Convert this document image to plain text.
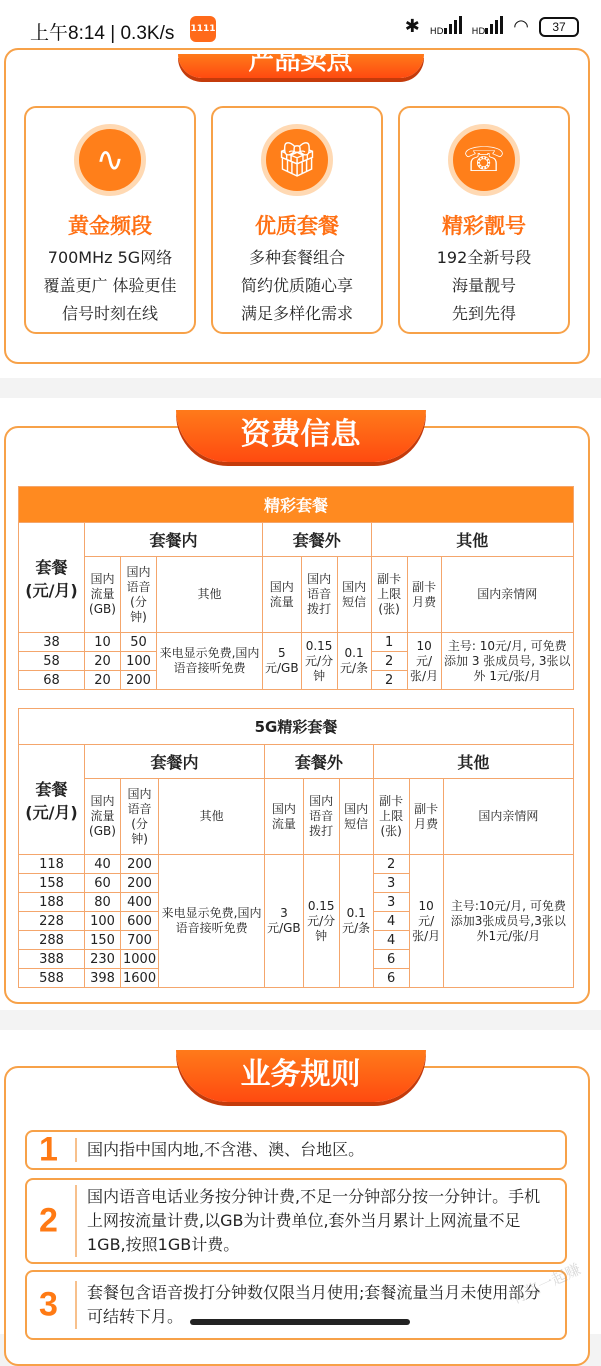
上午8:14 | 0.3K/s 1111	✱ HD	HD	◠	37
产品卖点
∿
黄金频段
700MHz 5G网络
覆盖更广 体验更佳
信号时刻在线
🎁︎
优质套餐
多种套餐组合
简约优质随心享
满足多样化需求
☏
精彩靓号
192全新号段
海量靓号
先到先得
资费信息
精彩套餐									
套餐
(元/月)	套餐内			套餐外			其他		
	国内流量(GB)	国内语音(分钟)	其他	国内流量	国内语音拨打	国内短信	副卡上限(张)	副卡月费	国内亲情网
38	10	50	来电显示免费,国内语音接听免费	5元/GB	0.15元/分钟	0.1元/条	1	10元/张/月	主号: 10元/月, 可免费添加 3 张成员号, 3张以外 1元/张/月
58	20	100					2		
68	20	200					2		
5G精彩套餐									
套餐
(元/月)	套餐内			套餐外			其他		
	国内流量(GB)	国内语音(分钟)	其他	国内流量	国内语音拨打	国内短信	副卡上限(张)	副卡月费	国内亲情网
118	40	200	来电显示免费,国内语音接听免费	3元/GB	0.15元/分钟	0.1元/条	2	10元/张/月	主号:10元/月, 可免费添加3张成员号,3张以外1元/张/月
158	60	200					3		
188	80	400					3		
228	100	600					4		
288	150	700					4		
388	230	1000					6		
588	398	1600					6		
业务规则
1	国内指中国内地,不含港、澳、台地区。
2
国内语音电话业务按分钟计费,不足一分钟部分按一分钟计。手机上网按流量计费,以GB为计费单位,套外当月累计上网流量不足1GB,按照1GB计费。
3	套餐包含语音拨打分钟数仅限当月使用;套餐流量当月未使用部分可结转下月。	有奖一起赚
